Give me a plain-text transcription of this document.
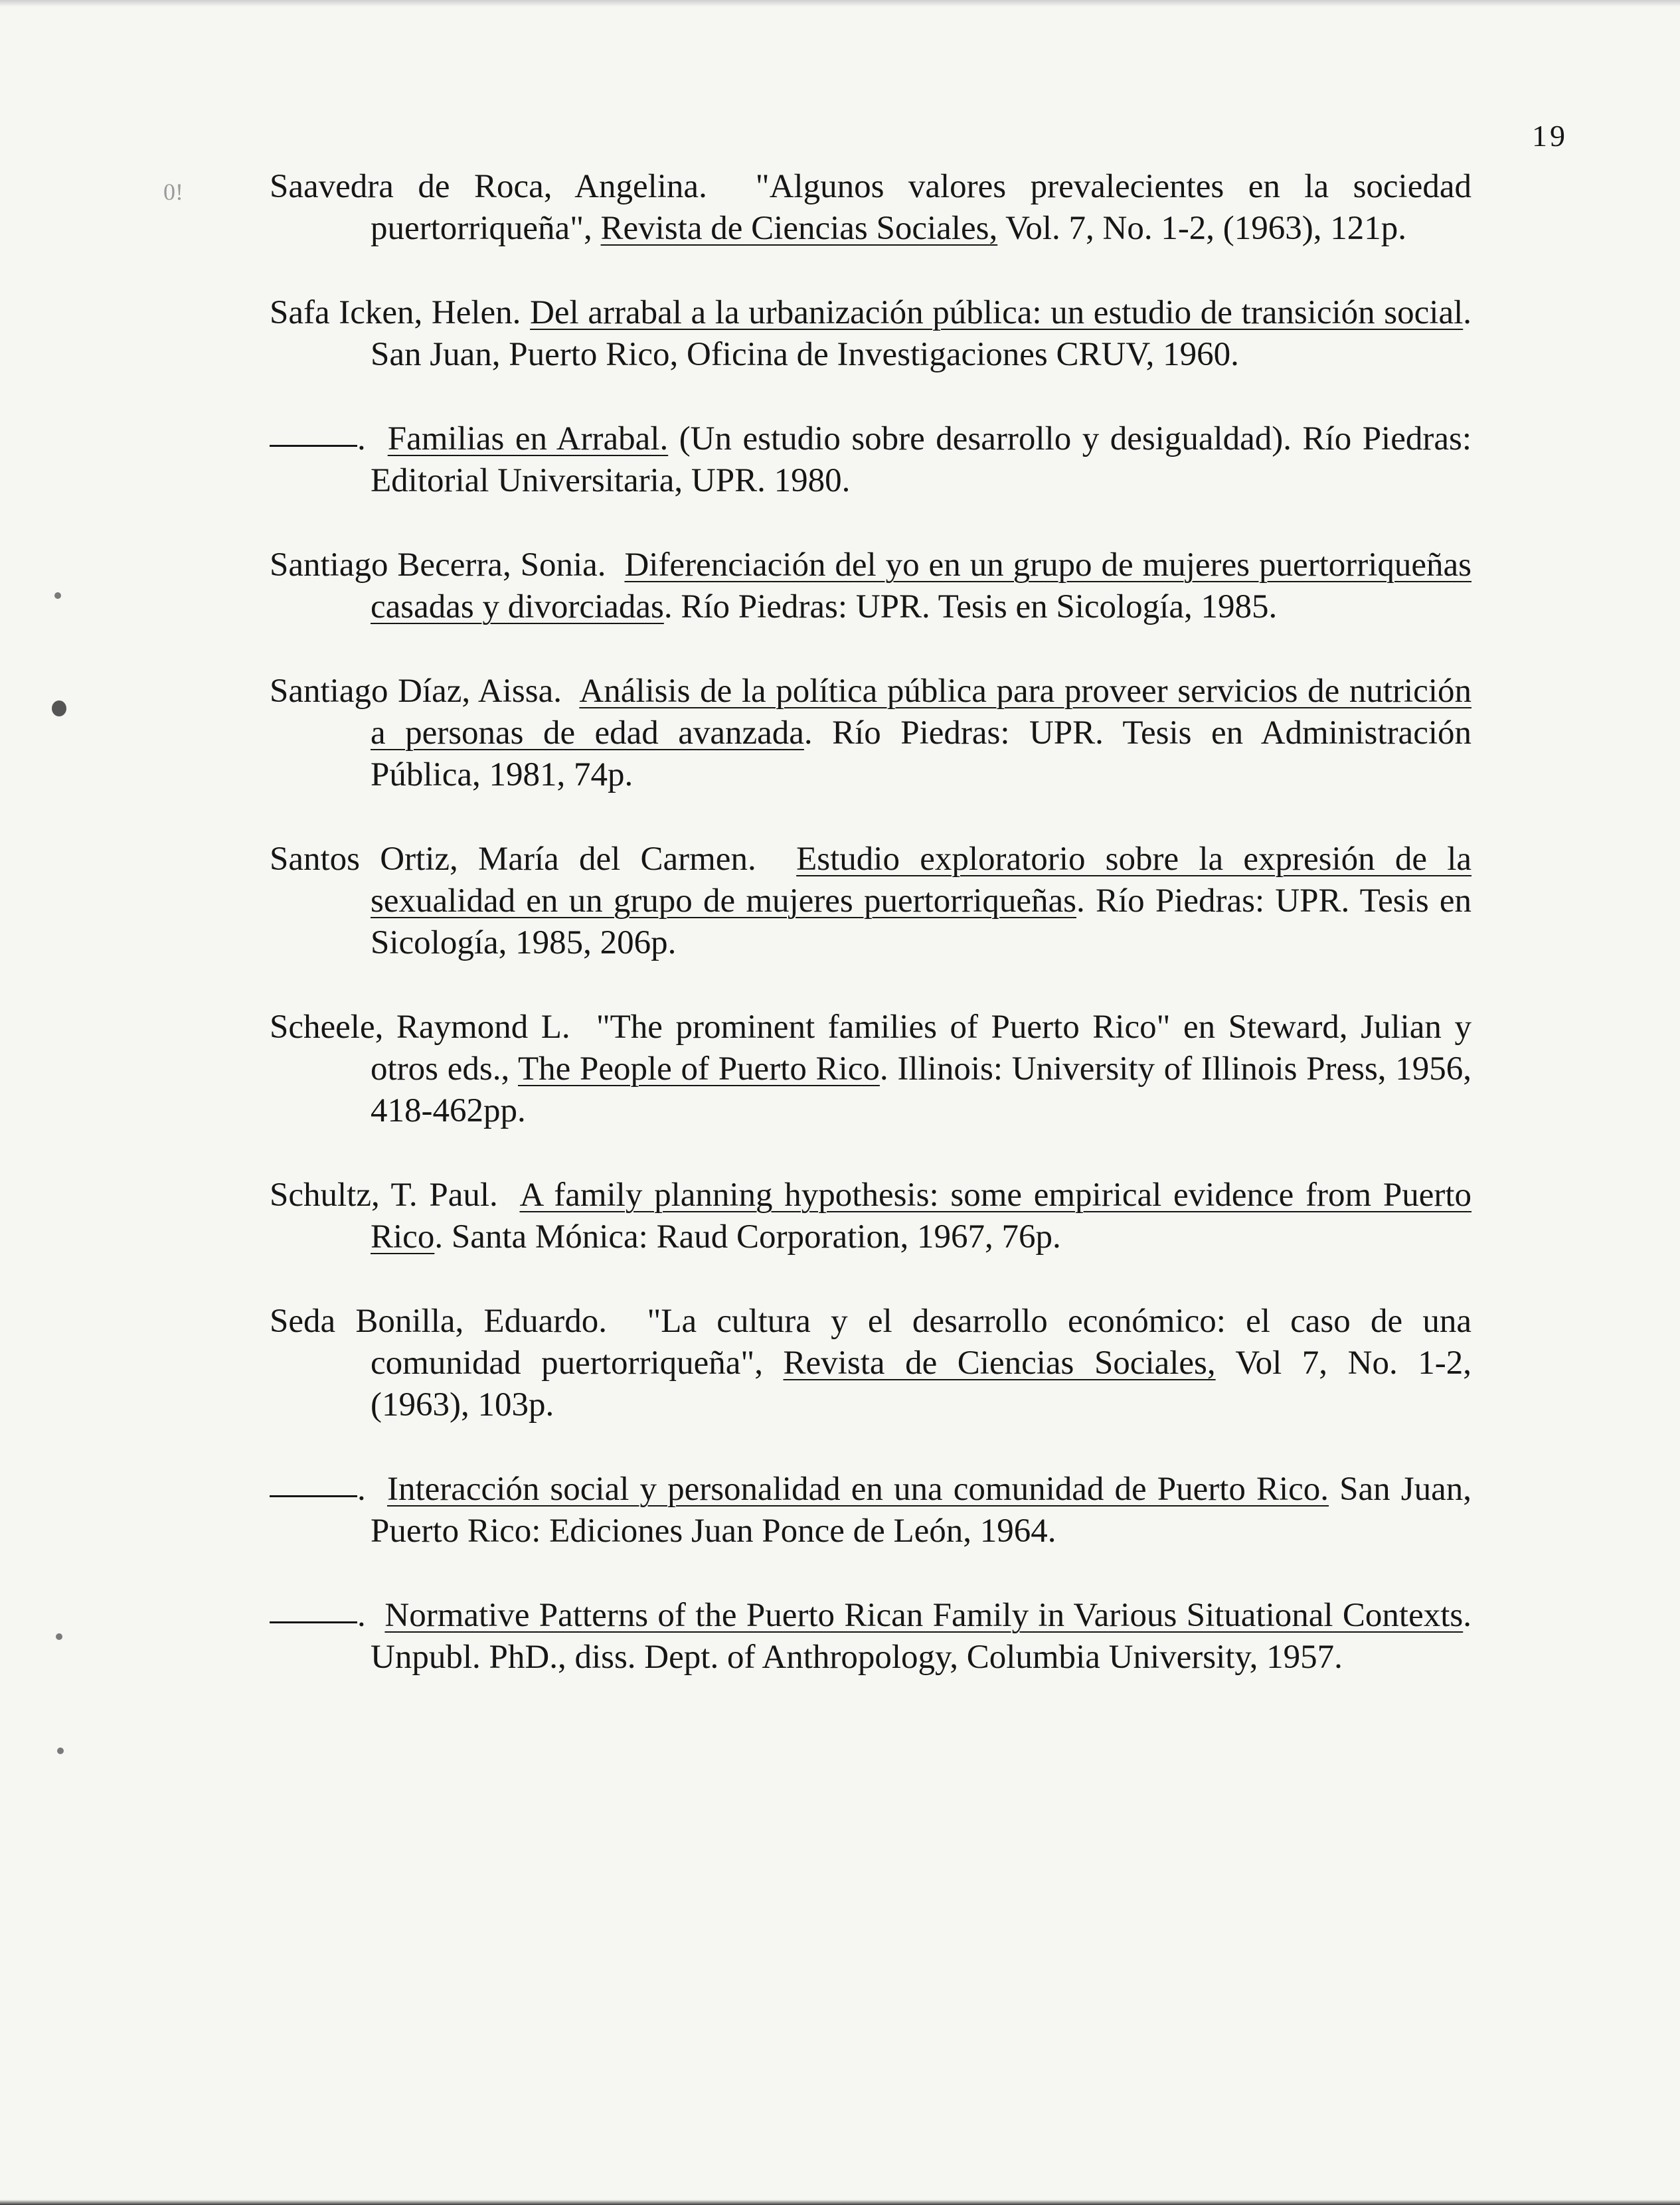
19
0!	Saavedra de Roca, Angelina. "Algunos valores prevalecientes en la sociedad puertorriqueña", Revista de Ciencias Sociales, Vol. 7, No. 1-2, (1963), 121p.

Safa Icken, Helen. Del arrabal a la urbanización pública: un estudio de transición social. San Juan, Puerto Rico, Oficina de Investigaciones CRUV, 1960.

. Familias en Arrabal. (Un estudio sobre desarrollo y desigualdad). Río Piedras: Editorial Universitaria, UPR. 1980.

Santiago Becerra, Sonia. Diferenciación del yo en un grupo de mujeres puertorriqueñas casadas y divorciadas. Río Piedras: UPR. Tesis en Sicología, 1985.

Santiago Díaz, Aissa. Análisis de la política pública para proveer servicios de nutrición a personas de edad avanzada. Río Piedras: UPR. Tesis en Administración Pública, 1981, 74p.

Santos Ortiz, María del Carmen. Estudio exploratorio sobre la expresión de la sexualidad en un grupo de mujeres puertorriqueñas. Río Piedras: UPR. Tesis en Sicología, 1985, 206p.

Scheele, Raymond L. "The prominent families of Puerto Rico" en Steward, Julian y otros eds., The People of Puerto Rico. Illinois: University of Illinois Press, 1956, 418-462pp.

Schultz, T. Paul. A family planning hypothesis: some empirical evidence from Puerto Rico. Santa Mónica: Raud Corporation, 1967, 76p.

Seda Bonilla, Eduardo. "La cultura y el desarrollo económico: el caso de una comunidad puertorriqueña", Revista de Ciencias Sociales, Vol 7, No. 1-2, (1963), 103p.

. Interacción social y personalidad en una comunidad de Puerto Rico. San Juan, Puerto Rico: Ediciones Juan Ponce de León, 1964.

. Normative Patterns of the Puerto Rican Family in Various Situational Contexts. Unpubl. PhD., diss. Dept. of Anthropology, Columbia University, 1957.
